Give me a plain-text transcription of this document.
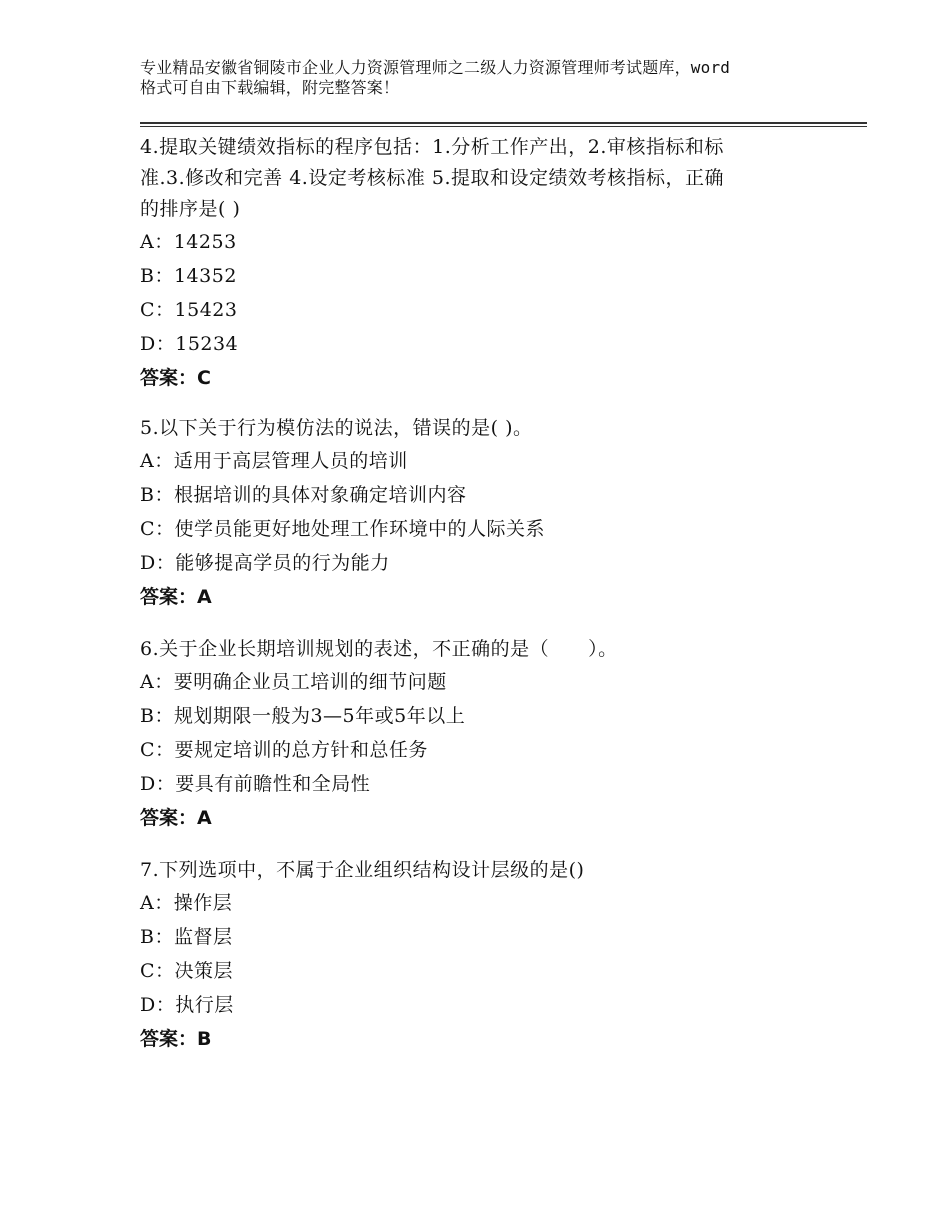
专业精品安徽省铜陵市企业人力资源管理师之二级人力资源管理师考试题库，word
格式可自由下载编辑，附完整答案！

4.提取关键绩效指标的程序包括：1.分析工作产出，2.审核指标和标

准.3.修改和完善 4.设定考核标准 5.提取和设定绩效考核指标，正确

的排序是( )

A：14253

B：14352

C：15423

D：15234

答案：C

5.以下关于行为模仿法的说法，错误的是( )。

A：适用于高层管理人员的培训

B：根据培训的具体对象确定培训内容

C：使学员能更好地处理工作环境中的人际关系

D：能够提高学员的行为能力

答案：A

6.关于企业长期培训规划的表述，不正确的是（　　）。

A：要明确企业员工培训的细节问题

B：规划期限一般为3—5年或5年以上

C：要规定培训的总方针和总任务

D：要具有前瞻性和全局性

答案：A

7.下列选项中，不属于企业组织结构设计层级的是()

A：操作层

B：监督层

C：决策层

D：执行层

答案：B
